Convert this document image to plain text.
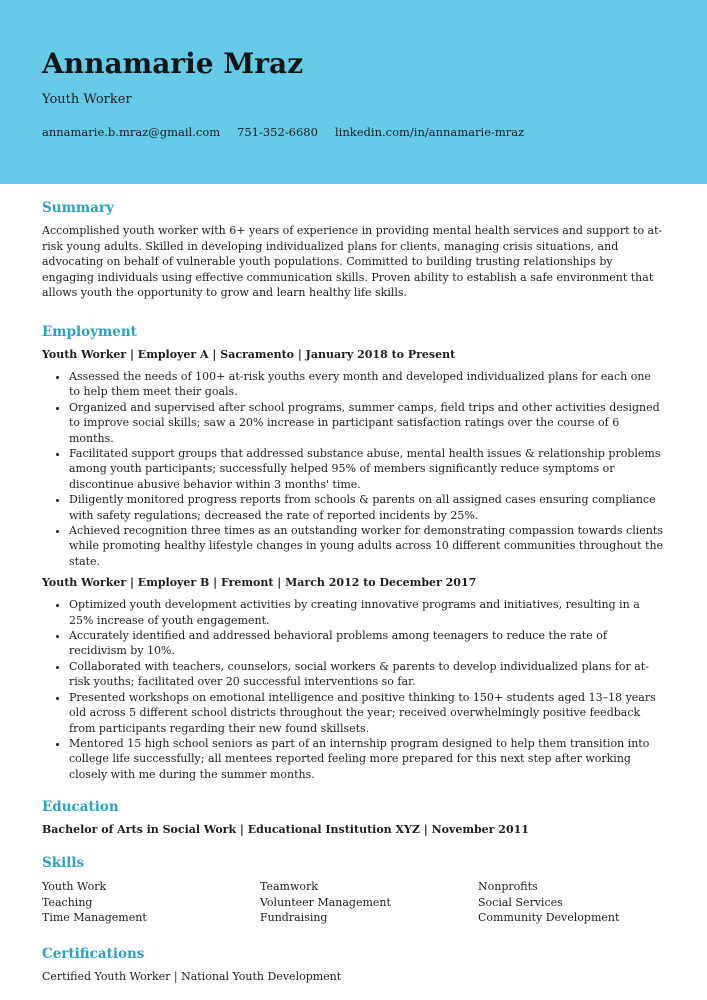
Annamarie Mraz
Youth Worker
annamarie.b.mraz@gmail.com 751-352-6680 linkedin.com/in/annamarie-mraz
Summary

Accomplished youth worker with 6+ years of experience in providing mental health services and support to at-risk young adults. Skilled in developing individualized plans for clients, managing crisis situations, and advocating on behalf of vulnerable youth populations. Committed to building trusting relationships by engaging individuals using effective communication skills. Proven ability to establish a safe environment that allows youth the opportunity to grow and learn healthy life skills.

Employment

Youth Worker | Employer A | Sacramento | January 2018 to Present

• Assessed the needs of 100+ at-risk youths every month and developed individualized plans for each one to help them meet their goals.
• Organized and supervised after school programs, summer camps, field trips and other activities designed to improve social skills; saw a 20% increase in participant satisfaction ratings over the course of 6 months.
• Facilitated support groups that addressed substance abuse, mental health issues & relationship problems among youth participants; successfully helped 95% of members significantly reduce symptoms or discontinue abusive behavior within 3 months' time.
• Diligently monitored progress reports from schools & parents on all assigned cases ensuring compliance with safety regulations; decreased the rate of reported incidents by 25%.
• Achieved recognition three times as an outstanding worker for demonstrating compassion towards clients while promoting healthy lifestyle changes in young adults across 10 different communities throughout the state.

Youth Worker | Employer B | Fremont | March 2012 to December 2017

• Optimized youth development activities by creating innovative programs and initiatives, resulting in a 25% increase of youth engagement.
• Accurately identified and addressed behavioral problems among teenagers to reduce the rate of recidivism by 10%.
• Collaborated with teachers, counselors, social workers & parents to develop individualized plans for at-risk youths; facilitated over 20 successful interventions so far.
• Presented workshops on emotional intelligence and positive thinking to 150+ students aged 13–18 years old across 5 different school districts throughout the year; received overwhelmingly positive feedback from participants regarding their new found skillsets.
• Mentored 15 high school seniors as part of an internship program designed to help them transition into college life successfully; all mentees reported feeling more prepared for this next step after working closely with me during the summer months.
Education

Bachelor of Arts in Social Work | Educational Institution XYZ | November 2011

Skills
Youth Work	Teamwork	Nonprofits
Teaching	Volunteer Management	Social Services
Time Management	Fundraising	Community Development
Certifications

Certified Youth Worker | National Youth Development
